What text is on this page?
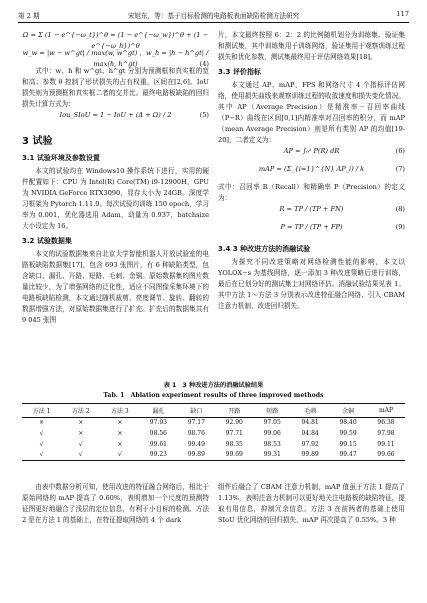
第 2 期	宋旭东，等：基于目标检测的电路板表面缺陷检测方法研究	117
Ω = Σ (1 − e^{−ω_t})^θ = (1 − e^{−ω_w})^θ + (1 − e^{−ω_h})^θ
w_w = |w − w^gt| / max(w, w^gt) ，w_h = |h − h^gt| / max(h, h^gt)	(4)
式中：w、h 和 w^gt、h^gt 分别为预测框和真实框的宽和高；参数 θ 控制了形状损失的占有权重，区间在[2,6]。IoU 损失则为预测框和真实框二者的交并比。最终电路板缺陷的回归损失计算方式为：
Iou_SIoU = 1 − IoU + (Δ + Ω) / 2	(5)
3 试验
3.1 试验环境及参数设置
本文的试验均在 Windows10 操作系统下进行，实用的硬件配置如下：CPU 为 Intel(R) Core(TM) i9-12900H，GPU 为 NVIDIA GeForce RTX3090，显存大小为 24GB。深度学习框架为 Pytorch 1.11.0。每次试验均训练 150 epoch，学习率为 0.001，优化器选用 Adam，动量为 0.937，batchsize 大小设定为 16。
3.2 试验数据集
本文的试验数据集来自北京大学智能机器人开放试验室的电路板缺陷数据集[17]，包含 693 张图片，有 6 种缺陷类型，包含缺口、漏孔、开路、短路、毛刺、余铜。原始数据集的图片数量比较少，为了增强网络的泛化性，适应不同图像采集环境下的电路板缺陷检测，本文通过随机裁剪、亮度调节、旋转、翻转的数据增强方法，对原始数据集进行了扩充。扩充后的数据集共有 9 045 张图
片，本文最终按照 6：2：2 的比例随机划分为训练集、验证集和测试集，其中训练集用于训练网络，验证集用于观察训练过程损失和优化参数，测试集最终用于评估网络效果[18]。
3.3 评价指标
本文通过 AP、mAP、FPS 和网络尺寸 4 个指标评估网络，使用损失曲线来观察训练过程的收敛速度和损失变化情况。其中 AP（Average Precision）是精准率－召回率曲线（P−R）曲线在区间[0,1]内精准率对召回率的积分，而 mAP（mean Average Precision）则是所有类别 AP 的均值[19-20]，二者定义为：
AP = ∫₀¹ P(R) dR	(6)
mAP = (Σ_{i=1}^{N} AP_i) / k	(7)
式中：召回率 R（Recall）和精确率 P（Precision）的定义为：
R = TP / (TP + FN)	(8)
P = TP / (TP + FP)	(9)
3.4 3 种改进方法的消融试验
为探究不同改进策略对网络检测性能的影响，本文以 YOLOX−s 为基线网络，逐一添加 3 种改进策略后进行训练，最后在已划分好的测试集上对网络评估。消融试验结果见表 1。其中方法 1～方法 3 分别表示改进特征融合网络、引入 CBAM 注意力机制、改进回归损失。
表 1　3 种改进方法的消融试验结果
Tab. 1　Ablation experiment results of three improved methods
方法 1	方法 2	方法 3	漏孔	缺口	开路	短路	毛刺	余铜	mAP
×	×	×	97.93	97.17	92.90	97.05	94.81	98.40	96.38
√	×	×	98.56	98.76	97.71	99.06	94.84	99.59	97.98
√	√	×	99.61	99.49	98.35	98.53	97.92	99.15	99.11
√	√	√	99.23	99.89	99.69	99.31	99.89	99.47	99.66
由表中数据分析可知，使用改进的特征融合网络后，相比于原始网络的 mAP 提高了 0.60%，表明增加一个尺度的预测特征图更好地融合了浅层的定位信息，有利于小目标的检测。方法 2 是在方法 1 的基础上，在特征提取网络的 4 个 dark
组件后融合了 CBAM 注意力机制，mAP 值虽于方法 1 提高了 1.13%，表明注意力机制可以更好地关注电路板的缺陷特征，提取有用信息，抑制冗余信息。方法 3 在前两者的基础上使用 SIoU 优化网络的回归损失，mAP 再次提高了 0.55%。3 种
